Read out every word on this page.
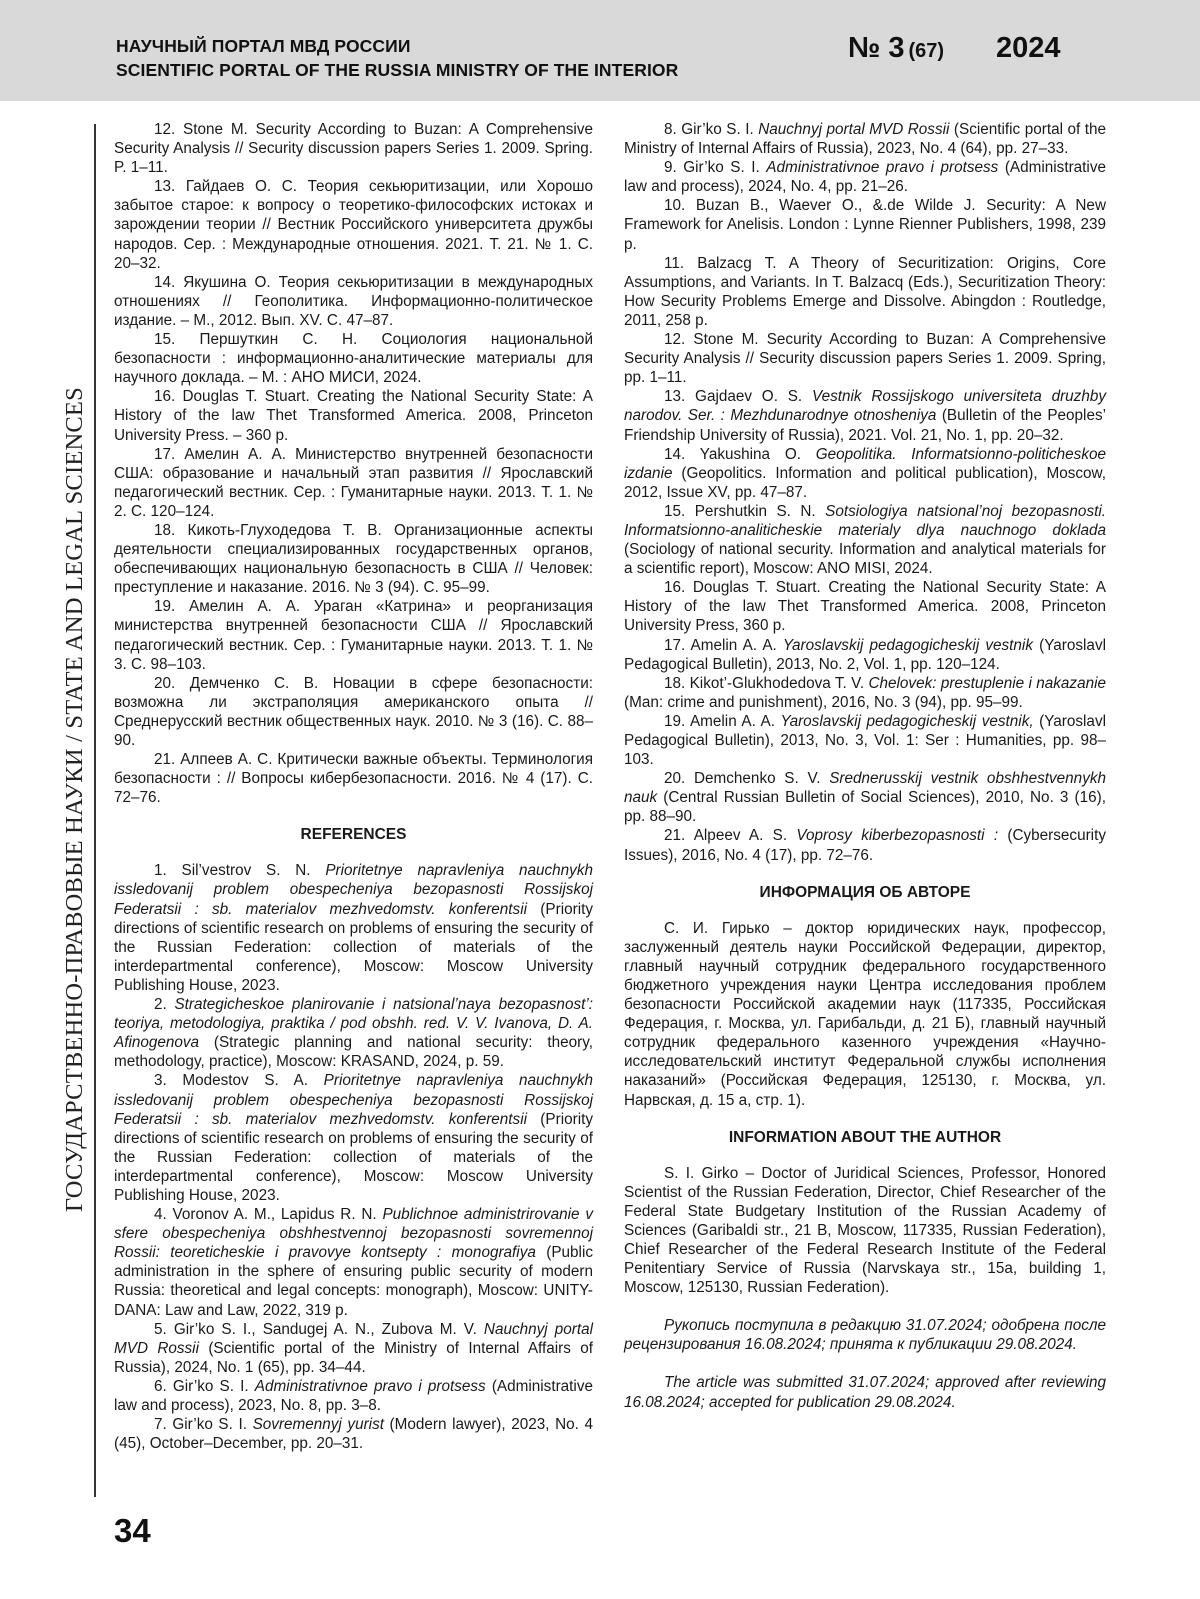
НАУЧНЫЙ ПОРТАЛ МВД РОССИИ
SCIENTIFIC PORTAL OF THE RUSSIA MINISTRY OF THE INTERIOR
№ 3 (67) 2024
ГОСУДАРСТВЕННО-ПРАВОВЫЕ НАУКИ / STATE AND LEGAL SCIENCES

12. Stone M. Security According to Buzan: A Comprehensive Security Analysis // Security discussion papers Series 1. 2009. Spring. P. 1–11.

13. Гайдаев О. С. Теория секьюритизации, или Хорошо забытое старое: к вопросу о теоретико-философских истоках и зарождении теории // Вестник Российского университета дружбы народов. Сер. : Международные отношения. 2021. Т. 21. № 1. С. 20–32.

14. Якушина О. Теория секьюритизации в международных отношениях // Геополитика. Информационно-политическое издание. – М., 2012. Вып. XV. С. 47–87.

15. Першуткин С. Н. Социология национальной безопасности : информационно-аналитические материалы для научного доклада. – М. : АНО МИСИ, 2024.

16. Douglas T. Stuart. Creating the National Security State: A History of the law Thet Transformed America. 2008, Princeton University Press. – 360 p.

17. Амелин А. А. Министерство внутренней безопасности США: образование и начальный этап развития // Ярославский педагогический вестник. Сер. : Гуманитарные науки. 2013. Т. 1. № 2. С. 120–124.

18. Кикоть-Глуходедова Т. В. Организационные аспекты деятельности специализированных государственных органов, обеспечивающих национальную безопасность в США // Человек: преступление и наказание. 2016. № 3 (94). С. 95–99.

19. Амелин А. А. Ураган «Катрина» и реорганизация министерства внутренней безопасности США // Ярославский педагогический вестник. Сер. : Гуманитарные науки. 2013. Т. 1. № 3. С. 98–103.

20. Демченко С. В. Новации в сфере безопасности: возможна ли экстраполяция американского опыта // Среднерусский вестник общественных наук. 2010. № 3 (16). С. 88–90.

21. Алпеев А. С. Критически важные объекты. Терминология безопасности : // Вопросы кибербезопасности. 2016. № 4 (17). С. 72–76.

REFERENCES

1. Sil’vestrov S. N. Prioritetnye napravleniya nauchnykh issledovanij problem obespecheniya bezopasnosti Rossijskoj Federatsii : sb. materialov mezhvedomstv. konferentsii (Priority directions of scientific research on problems of ensuring the security of the Russian Federation: collection of materials of the interdepartmental conference), Moscow: Moscow University Publishing House, 2023.

2. Strategicheskoe planirovanie i natsional’naya bezopasnost’: teoriya, metodologiya, praktika / pod obshh. red. V. V. Ivanova, D. A. Afinogenova (Strategic planning and national security: theory, methodology, practice), Moscow: KRASAND, 2024, p. 59.

3. Modestov S. A. Prioritetnye napravleniya nauchnykh issledovanij problem obespecheniya bezopasnosti Rossijskoj Federatsii : sb. materialov mezhvedomstv. konferentsii (Priority directions of scientific research on problems of ensuring the security of the Russian Federation: collection of materials of the interdepartmental conference), Moscow: Moscow University Publishing House, 2023.

4. Voronov A. M., Lapidus R. N. Publichnoe administrirovanie v sfere obespecheniya obshhestvennoj bezopasnosti sovremennoj Rossii: teoreticheskie i pravovye kontsepty : monografiya (Public administration in the sphere of ensuring public security of modern Russia: theoretical and legal concepts: monograph), Moscow: UNITY-DANA: Law and Law, 2022, 319 p.

5. Gir’ko S. I., Sandugej A. N., Zubova M. V. Nauchnyj portal MVD Rossii (Scientific portal of the Ministry of Internal Affairs of Russia), 2024, No. 1 (65), pp. 34–44.

6. Gir’ko S. I. Administrativnoe pravo i protsess (Administrative law and process), 2023, No. 8, pp. 3–8.

7. Gir’ko S. I. Sovremennyj yurist (Modern lawyer), 2023, No. 4 (45), October–December, pp. 20–31.

8. Gir’ko S. I. Nauchnyj portal MVD Rossii (Scientific portal of the Ministry of Internal Affairs of Russia), 2023, No. 4 (64), pp. 27–33.

9. Gir’ko S. I. Administrativnoe pravo i protsess (Administrative law and process), 2024, No. 4, pp. 21–26.

10. Buzan B., Waever O., &.de Wilde J. Security: A New Framework for Anelisis. London : Lynne Rienner Publishers, 1998, 239 p.

11. Balzacg T. A Theory of Securitization: Origins, Core Assumptions, and Variants. In T. Balzacq (Eds.), Securitization Theory: How Security Problems Emerge and Dissolve. Abingdon : Routledge, 2011, 258 p.

12. Stone M. Security According to Buzan: A Comprehensive Security Analysis // Security discussion papers Series 1. 2009. Spring, pp. 1–11.

13. Gajdaev O. S. Vestnik Rossijskogo universiteta druzhby narodov. Ser. : Mezhdunarodnye otnosheniya (Bulletin of the Peoples’ Friendship University of Russia), 2021. Vol. 21, No. 1, pp. 20–32.

14. Yakushina O. Geopolitika. Informatsionno-politicheskoe izdanie (Geopolitics. Information and political publication), Moscow, 2012, Issue XV, pp. 47–87.

15. Pershutkin S. N. Sotsiologiya natsional’noj bezopasnosti. Informatsionno-analiticheskie materialy dlya nauchnogo doklada (Sociology of national security. Information and analytical materials for a scientific report), Moscow: ANO MISI, 2024.

16. Douglas T. Stuart. Creating the National Security State: A History of the law Thet Transformed America. 2008, Princeton University Press, 360 p.

17. Amelin A. A. Yaroslavskij pedagogicheskij vestnik (Yaroslavl Pedagogical Bulletin), 2013, No. 2, Vol. 1, pp. 120–124.

18. Kikot’-Glukhodedova T. V. Chelovek: prestuplenie i nakazanie (Man: crime and punishment), 2016, No. 3 (94), pp. 95–99.

19. Amelin A. A. Yaroslavskij pedagogicheskij vestnik, (Yaroslavl Pedagogical Bulletin), 2013, No. 3, Vol. 1: Ser : Humanities, pp. 98–103.

20. Demchenko S. V. Srednerusskij vestnik obshhestvennykh nauk (Central Russian Bulletin of Social Sciences), 2010, No. 3 (16), pp. 88–90.

21. Alpeev A. S. Voprosy kiberbezopasnosti : (Cybersecurity Issues), 2016, No. 4 (17), pp. 72–76.

ИНФОРМАЦИЯ ОБ АВТОРЕ

С. И. Гирько – доктор юридических наук, профессор, заслуженный деятель науки Российской Федерации, директор, главный научный сотрудник федерального государственного бюджетного учреждения науки Центра исследования проблем безопасности Российской академии наук (117335, Российская Федерация, г. Москва, ул. Гарибальди, д. 21 Б), главный научный сотрудник федерального казенного учреждения «Научно-исследовательский институт Федеральной службы исполнения наказаний» (Российская Федерация, 125130, г. Москва, ул. Нарвская, д. 15 а, стр. 1).

INFORMATION ABOUT THE AUTHOR

S. I. Girko – Doctor of Juridical Sciences, Professor, Honored Scientist of the Russian Federation, Director, Chief Researcher of the Federal State Budgetary Institution of the Russian Academy of Sciences (Garibaldi str., 21 B, Moscow, 117335, Russian Federation), Chief Researcher of the Federal Research Institute of the Federal Penitentiary Service of Russia (Narvskaya str., 15a, building 1, Moscow, 125130, Russian Federation).

Рукопись поступила в редакцию 31.07.2024; одобрена после рецензирования 16.08.2024; принята к публикации 29.08.2024.

The article was submitted 31.07.2024; approved after reviewing 16.08.2024; accepted for publication 29.08.2024.

34
